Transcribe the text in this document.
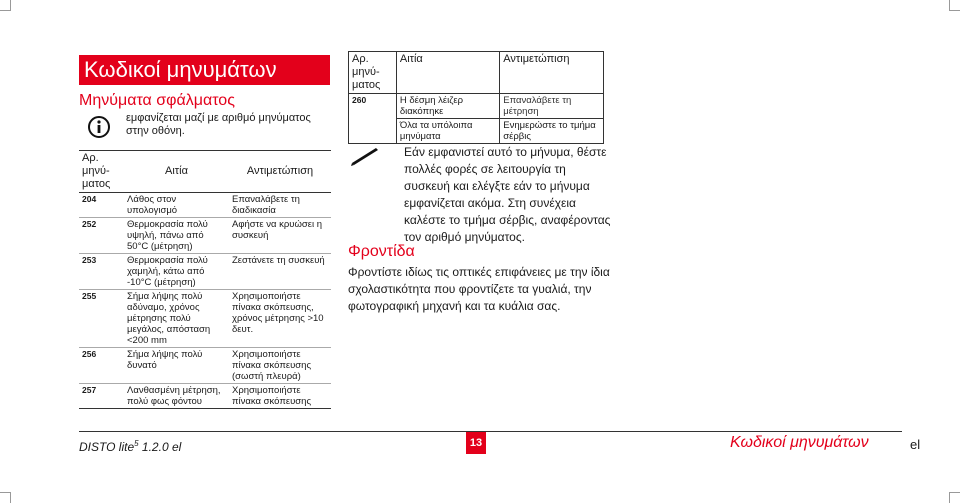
Κωδικοί μηνυμάτων
Μηνύματα σφάλματος
εμφανίζεται μαζί με αριθμό μηνύματος στην οθόνη.
Αρ. μηνύ- ματος	Αιτία	Αντιμετώπιση
204	Λάθος στον υπολογισμό	Επαναλάβετε τη διαδικασία
252	Θερμοκρασία πολύ υψηλή, πάνω από 50°C (μέτρηση)	Αφήστε να κρυώσει η συσκευή
253	Θερμοκρασία πολύ χαμηλή, κάτω από -10°C (μέτρηση)	Ζεστάνετε τη συσκευή
255	Σήμα λήψης πολύ αδύναμο, χρόνος μέτρησης πολύ μεγάλος, απόσταση <200 mm	Χρησιμοποιήστε πίνακα σκόπευσης, χρόνος μέτρησης >10 δευτ.
256	Σήμα λήψης πολύ δυνατό	Χρησιμοποιήστε πίνακα σκόπευσης (σωστή πλευρά)
257	Λανθασμένη μέτρηση, πολύ φως φόντου	Χρησιμοποιήστε πίνακα σκόπευσης
Αρ. μηνύ- ματος	Αιτία	Αντιμετώπιση
260	Η δέσμη λέιζερ διακόπηκε	Επαναλάβετε τη μέτρηση
	Όλα τα υπόλοιπα μηνύματα	Ενημερώστε το τμήμα σέρβις
Εάν εμφανιστεί αυτό το μήνυμα, θέστε πολλές φορές σε λειτουργία τη συσκευή και ελέγξτε εάν το μήνυμα εμφανίζεται ακόμα. Στη συνέχεια καλέστε το τμήμα σέρβις, αναφέροντας τον αριθμό μηνύματος.
Φροντίδα
Φροντίστε ιδίως τις οπτικές επιφάνειες με την ίδια σχολαστικότητα που φροντίζετε τα γυαλιά, την φωτογραφική μηχανή και τα κυάλια σας.
DISTO lite$^5$ 1.2.0 el	13	Κωδικοί μηνυμάτων	el
